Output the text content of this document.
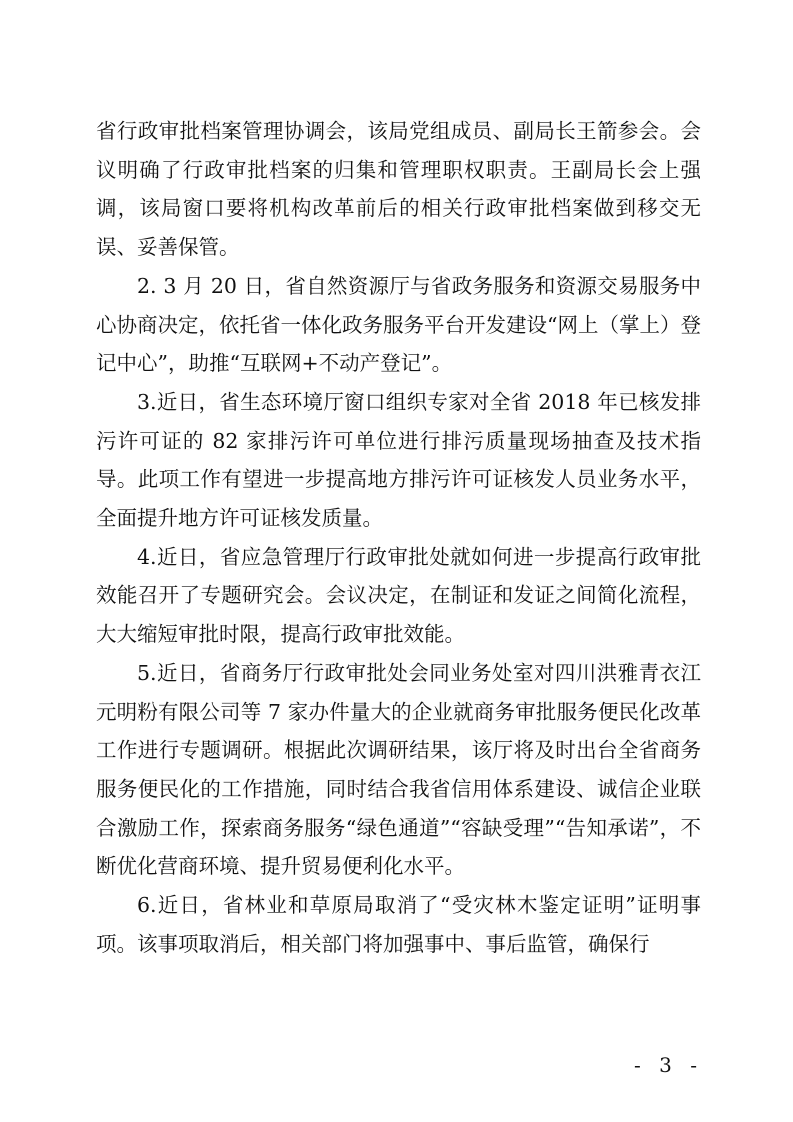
省行政审批档案管理协调会，该局党组成员、副局长王箭参会。会议明确了行政审批档案的归集和管理职权职责。王副局长会上强调，该局窗口要将机构改革前后的相关行政审批档案做到移交无误、妥善保管。

2. 3 月 20 日，省自然资源厅与省政务服务和资源交易服务中心协商决定，依托省一体化政务服务平台开发建设“网上（掌上）登记中心”，助推“互联网+不动产登记”。

3.近日，省生态环境厅窗口组织专家对全省 2018 年已核发排污许可证的 82 家排污许可单位进行排污质量现场抽查及技术指导。此项工作有望进一步提高地方排污许可证核发人员业务水平，全面提升地方许可证核发质量。

4.近日，省应急管理厅行政审批处就如何进一步提高行政审批效能召开了专题研究会。会议决定，在制证和发证之间简化流程，大大缩短审批时限，提高行政审批效能。

5.近日，省商务厅行政审批处会同业务处室对四川洪雅青衣江元明粉有限公司等 7 家办件量大的企业就商务审批服务便民化改革工作进行专题调研。根据此次调研结果，该厅将及时出台全省商务服务便民化的工作措施，同时结合我省信用体系建设、诚信企业联合激励工作，探索商务服务“绿色通道”“容缺受理”“告知承诺”，不断优化营商环境、提升贸易便利化水平。

6.近日，省林业和草原局取消了“受灾林木鉴定证明”证明事项。该事项取消后，相关部门将加强事中、事后监管，确保行

- 3 -
